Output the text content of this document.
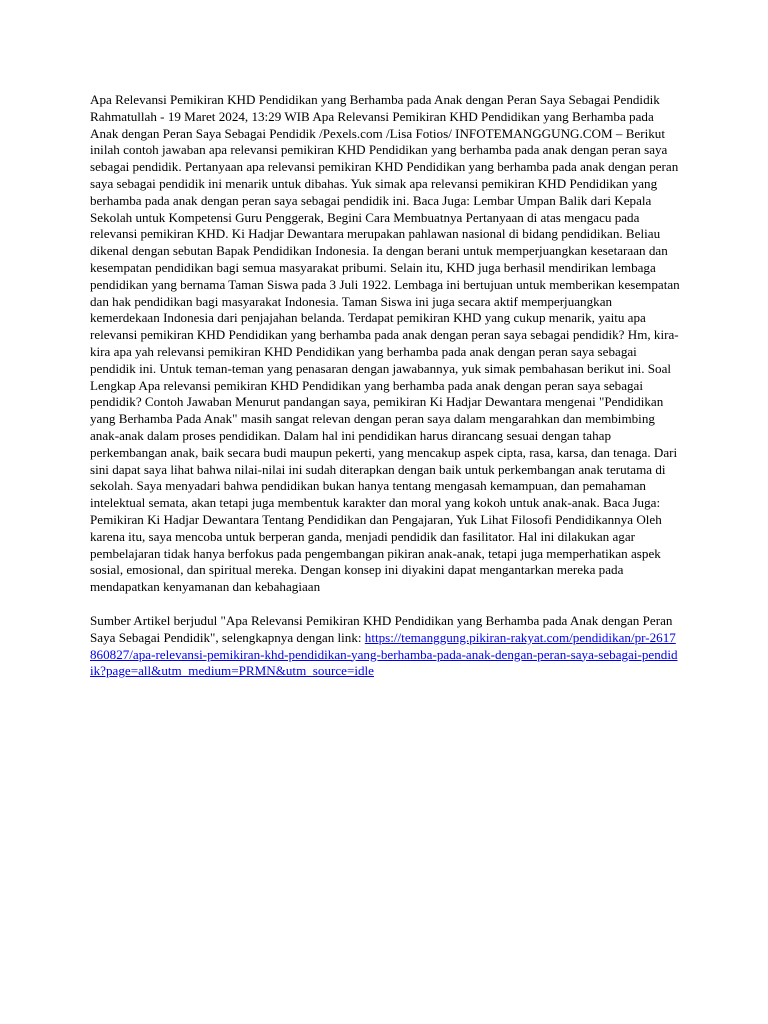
Apa Relevansi Pemikiran KHD Pendidikan yang Berhamba pada Anak dengan Peran Saya Sebagai Pendidik Rahmatullah - 19 Maret 2024, 13:29 WIB Apa Relevansi Pemikiran KHD Pendidikan yang Berhamba pada Anak dengan Peran Saya Sebagai Pendidik /Pexels.com /Lisa Fotios/ INFOTEMANGGUNG.COM – Berikut inilah contoh jawaban apa relevansi pemikiran KHD Pendidikan yang berhamba pada anak dengan peran saya sebagai pendidik. Pertanyaan apa relevansi pemikiran KHD Pendidikan yang berhamba pada anak dengan peran saya sebagai pendidik ini menarik untuk dibahas. Yuk simak apa relevansi pemikiran KHD Pendidikan yang berhamba pada anak dengan peran saya sebagai pendidik ini. Baca Juga: Lembar Umpan Balik dari Kepala Sekolah untuk Kompetensi Guru Penggerak, Begini Cara Membuatnya Pertanyaan di atas mengacu pada relevansi pemikiran KHD. Ki Hadjar Dewantara merupakan pahlawan nasional di bidang pendidikan. Beliau dikenal dengan sebutan Bapak Pendidikan Indonesia. Ia dengan berani untuk memperjuangkan kesetaraan dan kesempatan pendidikan bagi semua masyarakat pribumi. Selain itu, KHD juga berhasil mendirikan lembaga pendidikan yang bernama Taman Siswa pada 3 Juli 1922. Lembaga ini bertujuan untuk memberikan kesempatan dan hak pendidikan bagi masyarakat Indonesia. Taman Siswa ini juga secara aktif memperjuangkan kemerdekaan Indonesia dari penjajahan belanda. Terdapat pemikiran KHD yang cukup menarik, yaitu apa relevansi pemikiran KHD Pendidikan yang berhamba pada anak dengan peran saya sebagai pendidik? Hm, kira-kira apa yah relevansi pemikiran KHD Pendidikan yang berhamba pada anak dengan peran saya sebagai pendidik ini. Untuk teman-teman yang penasaran dengan jawabannya, yuk simak pembahasan berikut ini. Soal Lengkap Apa relevansi pemikiran KHD Pendidikan yang berhamba pada anak dengan peran saya sebagai pendidik? Contoh Jawaban Menurut pandangan saya, pemikiran Ki Hadjar Dewantara mengenai "Pendidikan yang Berhamba Pada Anak" masih sangat relevan dengan peran saya dalam mengarahkan dan membimbing anak-anak dalam proses pendidikan. Dalam hal ini pendidikan harus dirancang sesuai dengan tahap perkembangan anak, baik secara budi maupun pekerti, yang mencakup aspek cipta, rasa, karsa, dan tenaga. Dari sini dapat saya lihat bahwa nilai-nilai ini sudah diterapkan dengan baik untuk perkembangan anak terutama di sekolah. Saya menyadari bahwa pendidikan bukan hanya tentang mengasah kemampuan, dan pemahaman intelektual semata, akan tetapi juga membentuk karakter dan moral yang kokoh untuk anak-anak. Baca Juga: Pemikiran Ki Hadjar Dewantara Tentang Pendidikan dan Pengajaran, Yuk Lihat Filosofi Pendidikannya Oleh karena itu, saya mencoba untuk berperan ganda, menjadi pendidik dan fasilitator. Hal ini dilakukan agar pembelajaran tidak hanya berfokus pada pengembangan pikiran anak-anak, tetapi juga memperhatikan aspek sosial, emosional, dan spiritual mereka. Dengan konsep ini diyakini dapat mengantarkan mereka pada mendapatkan kenyamanan dan kebahagiaan

Sumber Artikel berjudul "Apa Relevansi Pemikiran KHD Pendidikan yang Berhamba pada Anak dengan Peran Saya Sebagai Pendidik", selengkapnya dengan link: https://temanggung.pikiran-rakyat.com/pendidikan/pr-2617860827/apa-relevansi-pemikiran-khd-pendidikan-yang-berhamba-pada-anak-dengan-peran-saya-sebagai-pendidik?page=all&utm_medium=PRMN&utm_source=idle
